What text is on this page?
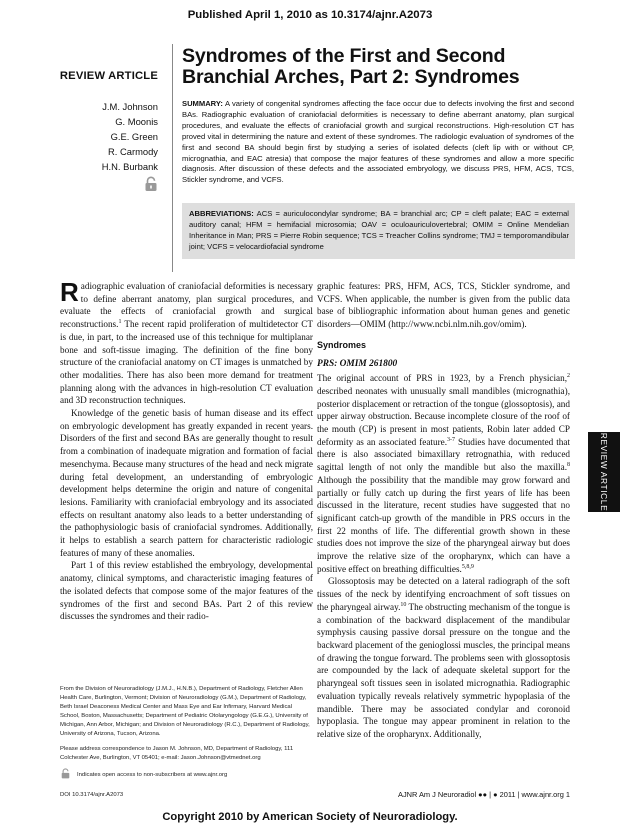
Published April 1, 2010 as 10.3174/ajnr.A2073
REVIEW ARTICLE
Syndromes of the First and Second Branchial Arches, Part 2: Syndromes
J.M. Johnson
G. Moonis
G.E. Green
R. Carmody
H.N. Burbank
SUMMARY: A variety of congenital syndromes affecting the face occur due to defects involving the first and second BAs. Radiographic evaluation of craniofacial deformities is necessary to define aberrant anatomy, plan surgical procedures, and evaluate the effects of craniofacial growth and surgical reconstructions. High-resolution CT has proved vital in determining the nature and extent of these syndromes. The radiologic evaluation of syndromes of the first and second BA should begin first by studying a series of isolated defects (cleft lip with or without CP, micrognathia, and EAC atresia) that compose the major features of these syndromes and allow a more specific diagnosis. After discussion of these defects and the associated embryology, we discuss PRS, HFM, ACS, TCS, Stickler syndrome, and VCFS.
ABBREVIATIONS: ACS = auriculocondylar syndrome; BA = branchial arc; CP = cleft palate; EAC = external auditory canal; HFM = hemifacial microsomia; OAV = oculoauriculovertebral; OMIM = Online Mendelian Inheritance in Man; PRS = Pierre Robin sequence; TCS = Treacher Collins syndrome; TMJ = temporomandibular joint; VCFS = velocardiofacial syndrome

Radiographic evaluation of craniofacial deformities is necessary to define aberrant anatomy, plan surgical procedures, and evaluate the effects of craniofacial growth and surgical reconstructions.$^1$ The recent rapid proliferation of multidetector CT is due, in part, to the increased use of this technique for multiplanar bone and soft-tissue imaging. The definition of the fine bony structure of the craniofacial anatomy on CT images is unmatched by other modalities. There has also been more demand for treatment planning along with the advances in high-resolution CT evaluation and 3D reconstruction techniques.

Knowledge of the genetic basis of human disease and its effect on embryologic development has greatly expanded in recent years. Disorders of the first and second BAs are generally thought to result from a combination of inadequate migration and formation of facial mesenchyma. Because many structures of the head and neck migrate during fetal development, an understanding of embryologic development helps determine the origin and nature of congenital lesions. Familiarity with craniofacial embryology and its associated effects on resultant anatomy also leads to a better understanding of the pathophysiologic basis of craniofacial syndromes. Additionally, it helps to establish a search pattern for characteristic radiologic features of many of these anomalies.

Part 1 of this review established the embryology, developmental anatomy, clinical symptoms, and characteristic imaging features of the isolated defects that compose some of the major features of the syndromes of the first and second BAs. Part 2 of this review discusses the syndromes and their radio-

graphic features: PRS, HFM, ACS, TCS, Stickler syndrome, and VCFS. When applicable, the number is given from the public data base of bibliographic information about human genes and genetic disorders—OMIM (http://www.ncbi.nlm.nih.gov/omim).

Syndromes
PRS: OMIM 261800

The original account of PRS in 1923, by a French physician,$^2$ described neonates with unusually small mandibles (micrognathia), posterior displacement or retraction of the tongue (glossoptosis), and upper airway obstruction. Because incomplete closure of the roof of the mouth (CP) is present in most patients, Robin later added CP deformity as an associated feature.$^{3-7}$ Studies have documented that there is also associated bimaxillary retrognathia, with reduced sagittal length of not only the mandible but also the maxilla.$^8$ Although the possibility that the mandible may grow forward and partially or fully catch up during the first years of life has been discussed in the literature, recent studies have suggested that no significant catch-up growth of the mandible in PRS occurs in the first 22 months of life. The differential growth shown in these studies does not improve the size of the pharyngeal airway but does improve the relative size of the oropharynx, which can have a positive effect on breathing difficulties.$^{5,8,9}$

Glossoptosis may be detected on a lateral radiograph of the soft tissues of the neck by identifying encroachment of soft tissues on the pharyngeal airway.$^{10}$ The obstructing mechanism of the tongue is a combination of the backward displacement of the mandibular symphysis causing passive dorsal pressure on the tongue and the backward placement of the genioglossi muscles, the principal means of drawing the tongue forward. The problems seen with glossoptosis are compounded by the lack of adequate skeletal support for the pharyngeal soft tissues seen in isolated micrognathia. Radiographic evaluation typically reveals relatively symmetric hypoplasia of the mandible. There may be associated condylar and coronoid hypoplasia. The tongue may appear prominent in relation to the relative size of the oropharynx. Additionally,

From the Division of Neuroradiology (J.M.J., H.N.B.), Department of Radiology, Fletcher Allen Health Care, Burlington, Vermont; Division of Neuroradiology (G.M.), Department of Radiology, Beth Israel Deaconess Medical Center and Mass Eye and Ear Infirmary, Harvard Medical School, Boston, Massachusetts; Department of Pediatric Otolaryngology (G.E.G.), University of Michigan, Ann Arbor, Michigan; and Division of Neuroradiology (R.C.), Department of Radiology, University of Arizona, Tucson, Arizona.

Please address correspondence to Jason M. Johnson, MD, Department of Radiology, 111 Colchester Ave, Burlington, VT 05401; e-mail: Jason.Johnson@vtmednet.org

Indicates open access to non-subscribers at www.ajnr.org

DOI 10.3174/ajnr.A2073

REVIEW ARTICLE
AJNR Am J Neuroradiol ●● | ● 2011 | www.ajnr.org 1
Copyright 2010 by American Society of Neuroradiology.
